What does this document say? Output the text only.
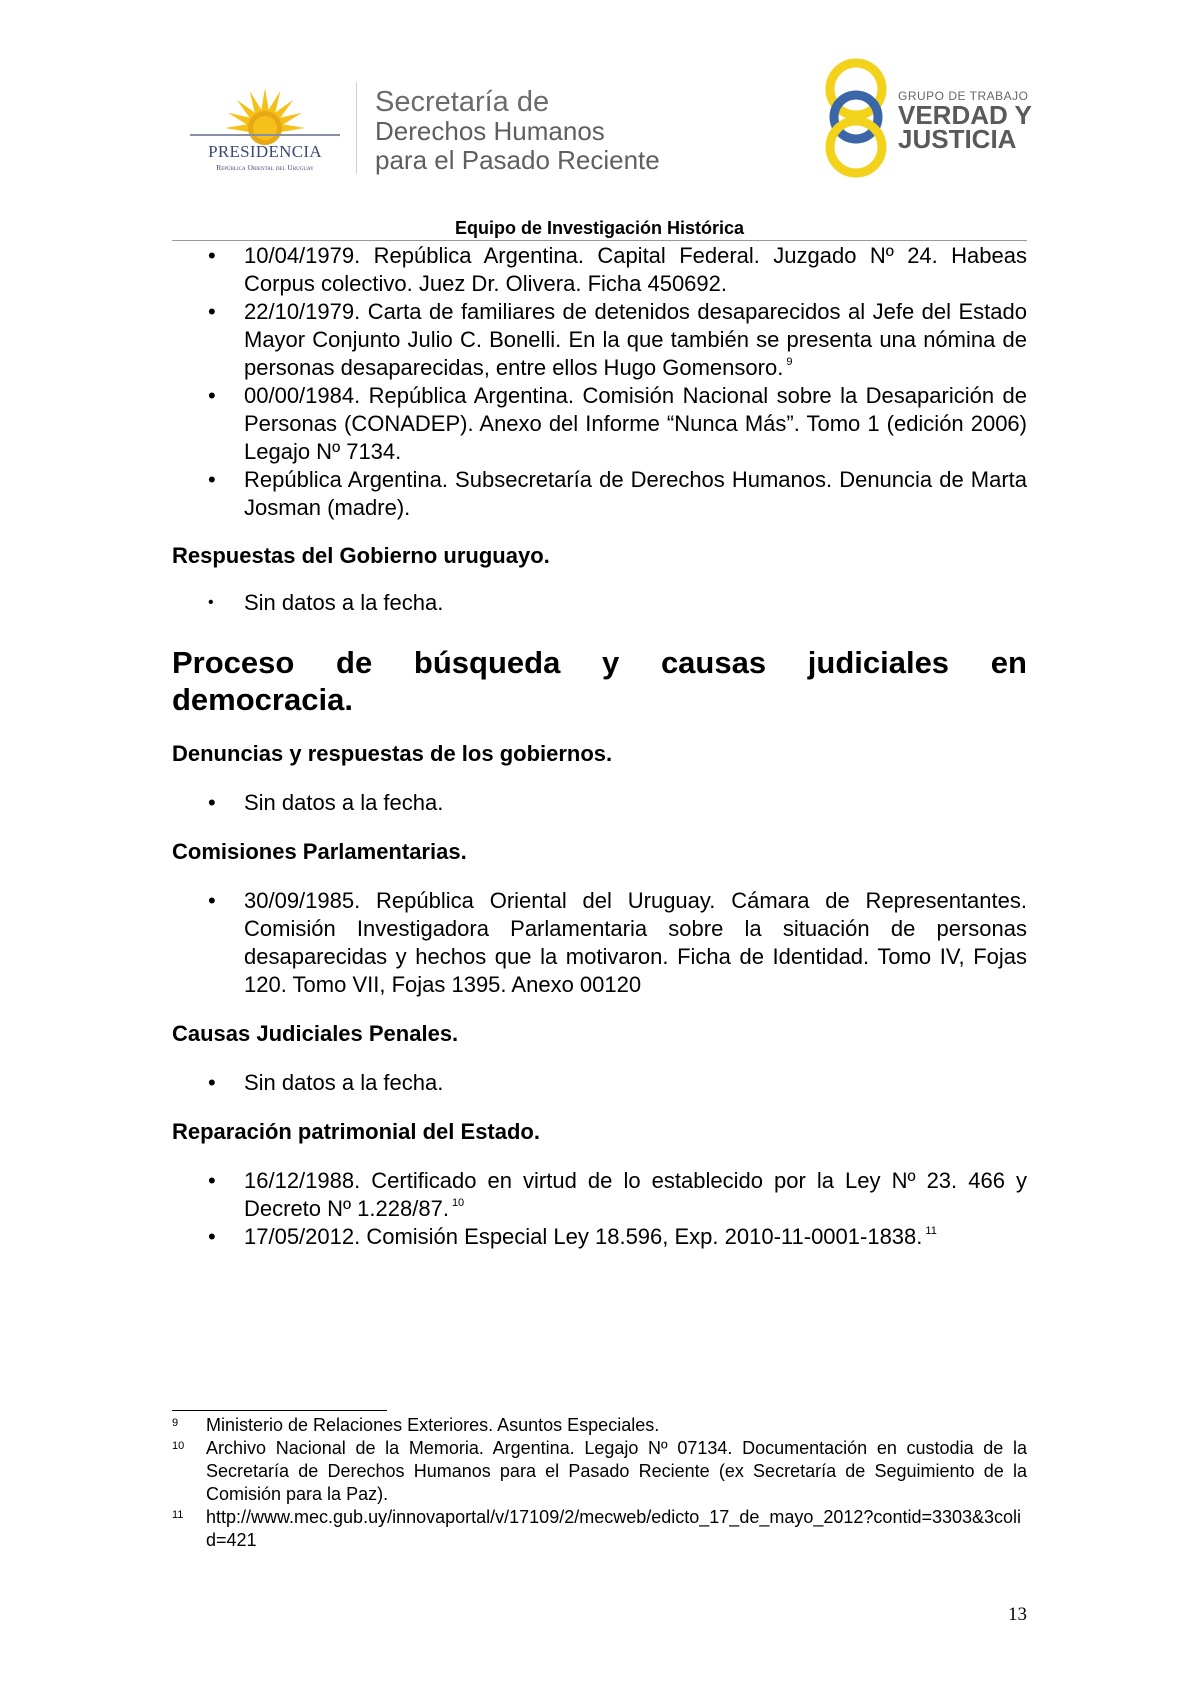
PRESIDENCIA
República Oriental del Uruguay
Secretaría de
Derechos Humanos
para el Pasado Reciente
GRUPO DE TRABAJO
VERDAD Y
JUSTICIA
Equipo de Investigación Histórica
• 10/04/1979. República Argentina. Capital Federal. Juzgado Nº 24. Habeas Corpus colectivo. Juez Dr. Olivera. Ficha 450692.
• 22/10/1979. Carta de familiares de detenidos desaparecidos al Jefe del Estado Mayor Conjunto Julio C. Bonelli. En la que también se presenta una nómina de personas desaparecidas, entre ellos Hugo Gomensoro. $^9$
• 00/00/1984. República Argentina. Comisión Nacional sobre la Desaparición de Personas (CONADEP). Anexo del Informe “Nunca Más”. Tomo 1 (edición 2006) Legajo Nº 7134.
• República Argentina. Subsecretaría de Derechos Humanos. Denuncia de Marta Josman (madre).

Respuestas del Gobierno uruguayo.

• Sin datos a la fecha.
Proceso de búsqueda y causas judiciales en
democracia.

Denuncias y respuestas de los gobiernos.

• Sin datos a la fecha.

Comisiones Parlamentarias.

• 30/09/1985. República Oriental del Uruguay. Cámara de Representantes. Comisión Investigadora Parlamentaria sobre la situación de personas desaparecidas y hechos que la motivaron. Ficha de Identidad. Tomo IV, Fojas 120. Tomo VII, Fojas 1395. Anexo 00120

Causas Judiciales Penales.

• Sin datos a la fecha.

Reparación patrimonial del Estado.

• 16/12/1988. Certificado en virtud de lo establecido por la Ley Nº 23. 466 y Decreto Nº 1.228/87. $^{10}$
• 17/05/2012. Comisión Especial Ley 18.596, Exp. 2010-11-0001-1838. $^{11}$
9 Ministerio de Relaciones Exteriores. Asuntos Especiales.
10 Archivo Nacional de la Memoria. Argentina. Legajo Nº 07134. Documentación en custodia de la Secretaría de Derechos Humanos para el Pasado Reciente (ex Secretaría de Seguimiento de la Comisión para la Paz).
11 http://www.mec.gub.uy/innovaportal/v/17109/2/mecweb/edicto_17_de_mayo_2012?contid=3303&3colid=421
13
